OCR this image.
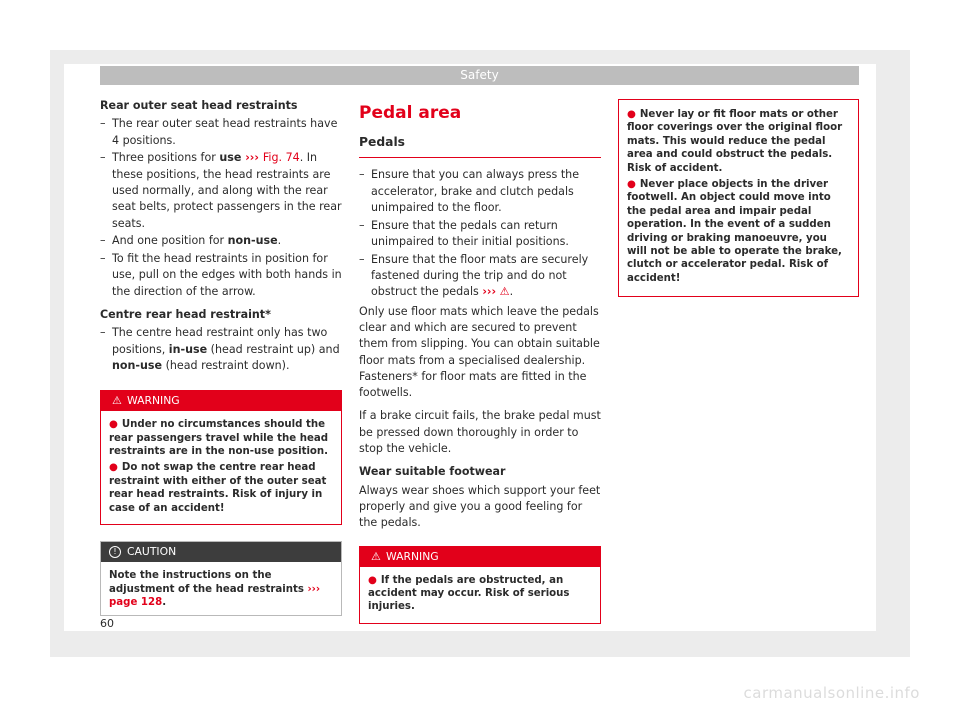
Safety

Rear outer seat head restraints

– The rear outer seat head restraints have 4 positions.
– Three positions for use ››› Fig. 74. In these positions, the head restraints are used normally, and along with the rear seat belts, protect passengers in the rear seats.
– And one position for non-use.
– To fit the head restraints in position for use, pull on the edges with both hands in the direction of the arrow.

Centre rear head restraint*

– The centre head restraint only has two positions, in-use (head restraint up) and non-use (head restraint down).
⚠ WARNING
● Under no circumstances should the rear passengers travel while the head restraints are in the non-use position.
● Do not swap the centre rear head restraint with either of the outer seat rear head restraints. Risk of injury in case of an accident!
! CAUTION
Note the instructions on the adjustment of the head restraints ››› page 128.
Pedal area
Pedals
– Ensure that you can always press the accelerator, brake and clutch pedals unimpaired to the floor.
– Ensure that the pedals can return unimpaired to their initial positions.
– Ensure that the floor mats are securely fastened during the trip and do not obstruct the pedals ››› ⚠.

Only use floor mats which leave the pedals clear and which are secured to prevent them from slipping. You can obtain suitable floor mats from a specialised dealership. Fasteners* for floor mats are fitted in the footwells.

If a brake circuit fails, the brake pedal must be pressed down thoroughly in order to stop the vehicle.

Wear suitable footwear

Always wear shoes which support your feet properly and give you a good feeling for the pedals.

⚠ WARNING
● If the pedals are obstructed, an accident may occur. Risk of serious injuries.
● Never lay or fit floor mats or other floor coverings over the original floor mats. This would reduce the pedal area and could obstruct the pedals. Risk of accident.
● Never place objects in the driver footwell. An object could move into the pedal area and impair pedal operation. In the event of a sudden driving or braking manoeuvre, you will not be able to operate the brake, clutch or accelerator pedal. Risk of accident!
60
carmanualsonline.info
